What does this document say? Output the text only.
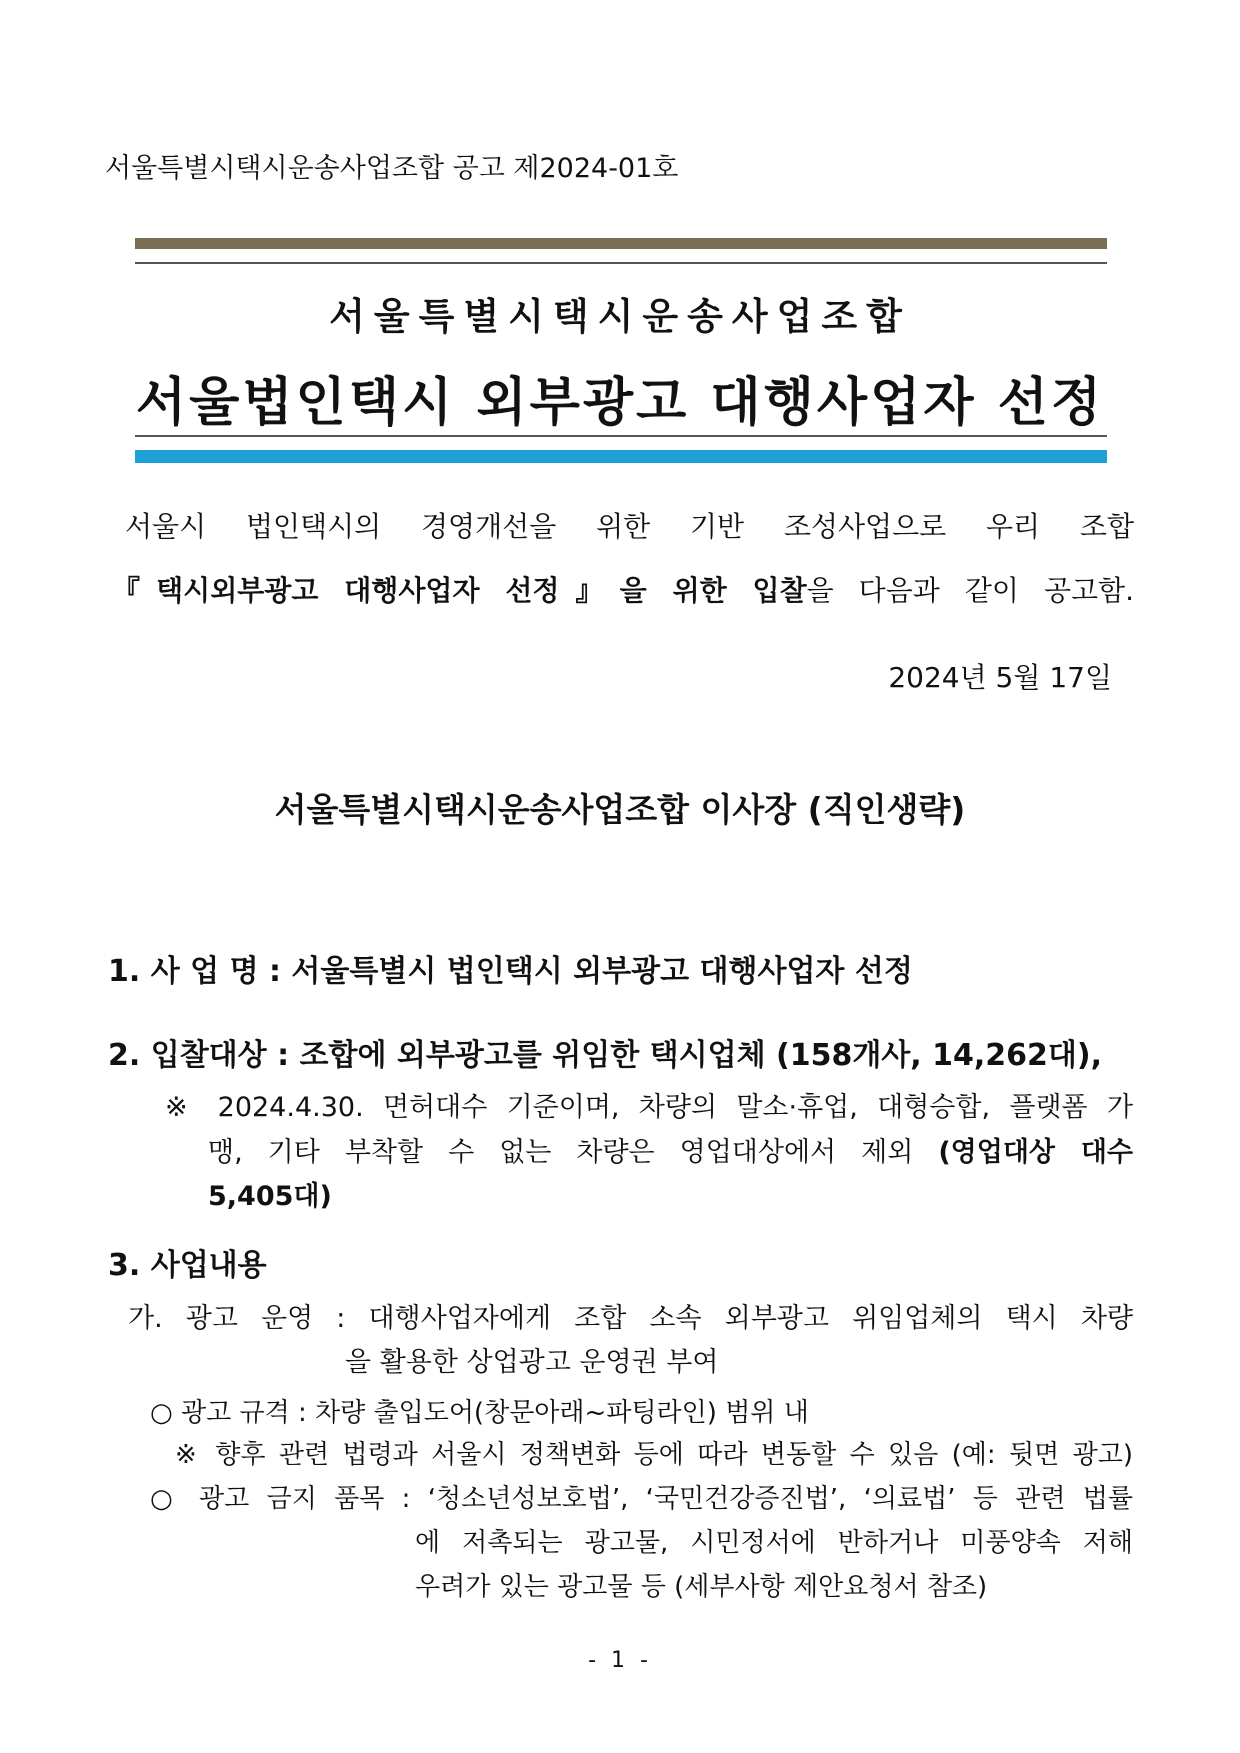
서울특별시택시운송사업조합 공고 제2024-01호
서울특별시택시운송사업조합
서울법인택시 외부광고 대행사업자 선정
서울시 법인택시의 경영개선을 위한 기반 조성사업으로 우리 조합
『택시외부광고 대행사업자 선정』을 위한 입찰을 다음과 같이 공고함.
2024년 5월 17일
서울특별시택시운송사업조합 이사장 (직인생략)
1. 사 업 명 : 서울특별시 법인택시 외부광고 대행사업자 선정
2. 입찰대상 : 조합에 외부광고를 위임한 택시업체 (158개사, 14,262대),
※ 2024.4.30. 면허대수 기준이며, 차량의 말소·휴업, 대형승합, 플랫폼 가
맹, 기타 부착할 수 없는 차량은 영업대상에서 제외 (영업대상 대수
5,405대)
3. 사업내용
가. 광고 운영 : 대행사업자에게 조합 소속 외부광고 위임업체의 택시 차량
을 활용한 상업광고 운영권 부여
○ 광고 규격 : 차량 출입도어(창문아래~파팅라인) 범위 내
※ 향후 관련 법령과 서울시 정책변화 등에 따라 변동할 수 있음 (예: 뒷면 광고)
○ 광고 금지 품목 : ‘청소년성보호법’, ‘국민건강증진법’, ‘의료법’ 등 관련 법률
에 저촉되는 광고물, 시민정서에 반하거나 미풍양속 저해
우려가 있는 광고물 등 (세부사항 제안요청서 참조)
- 1 -
